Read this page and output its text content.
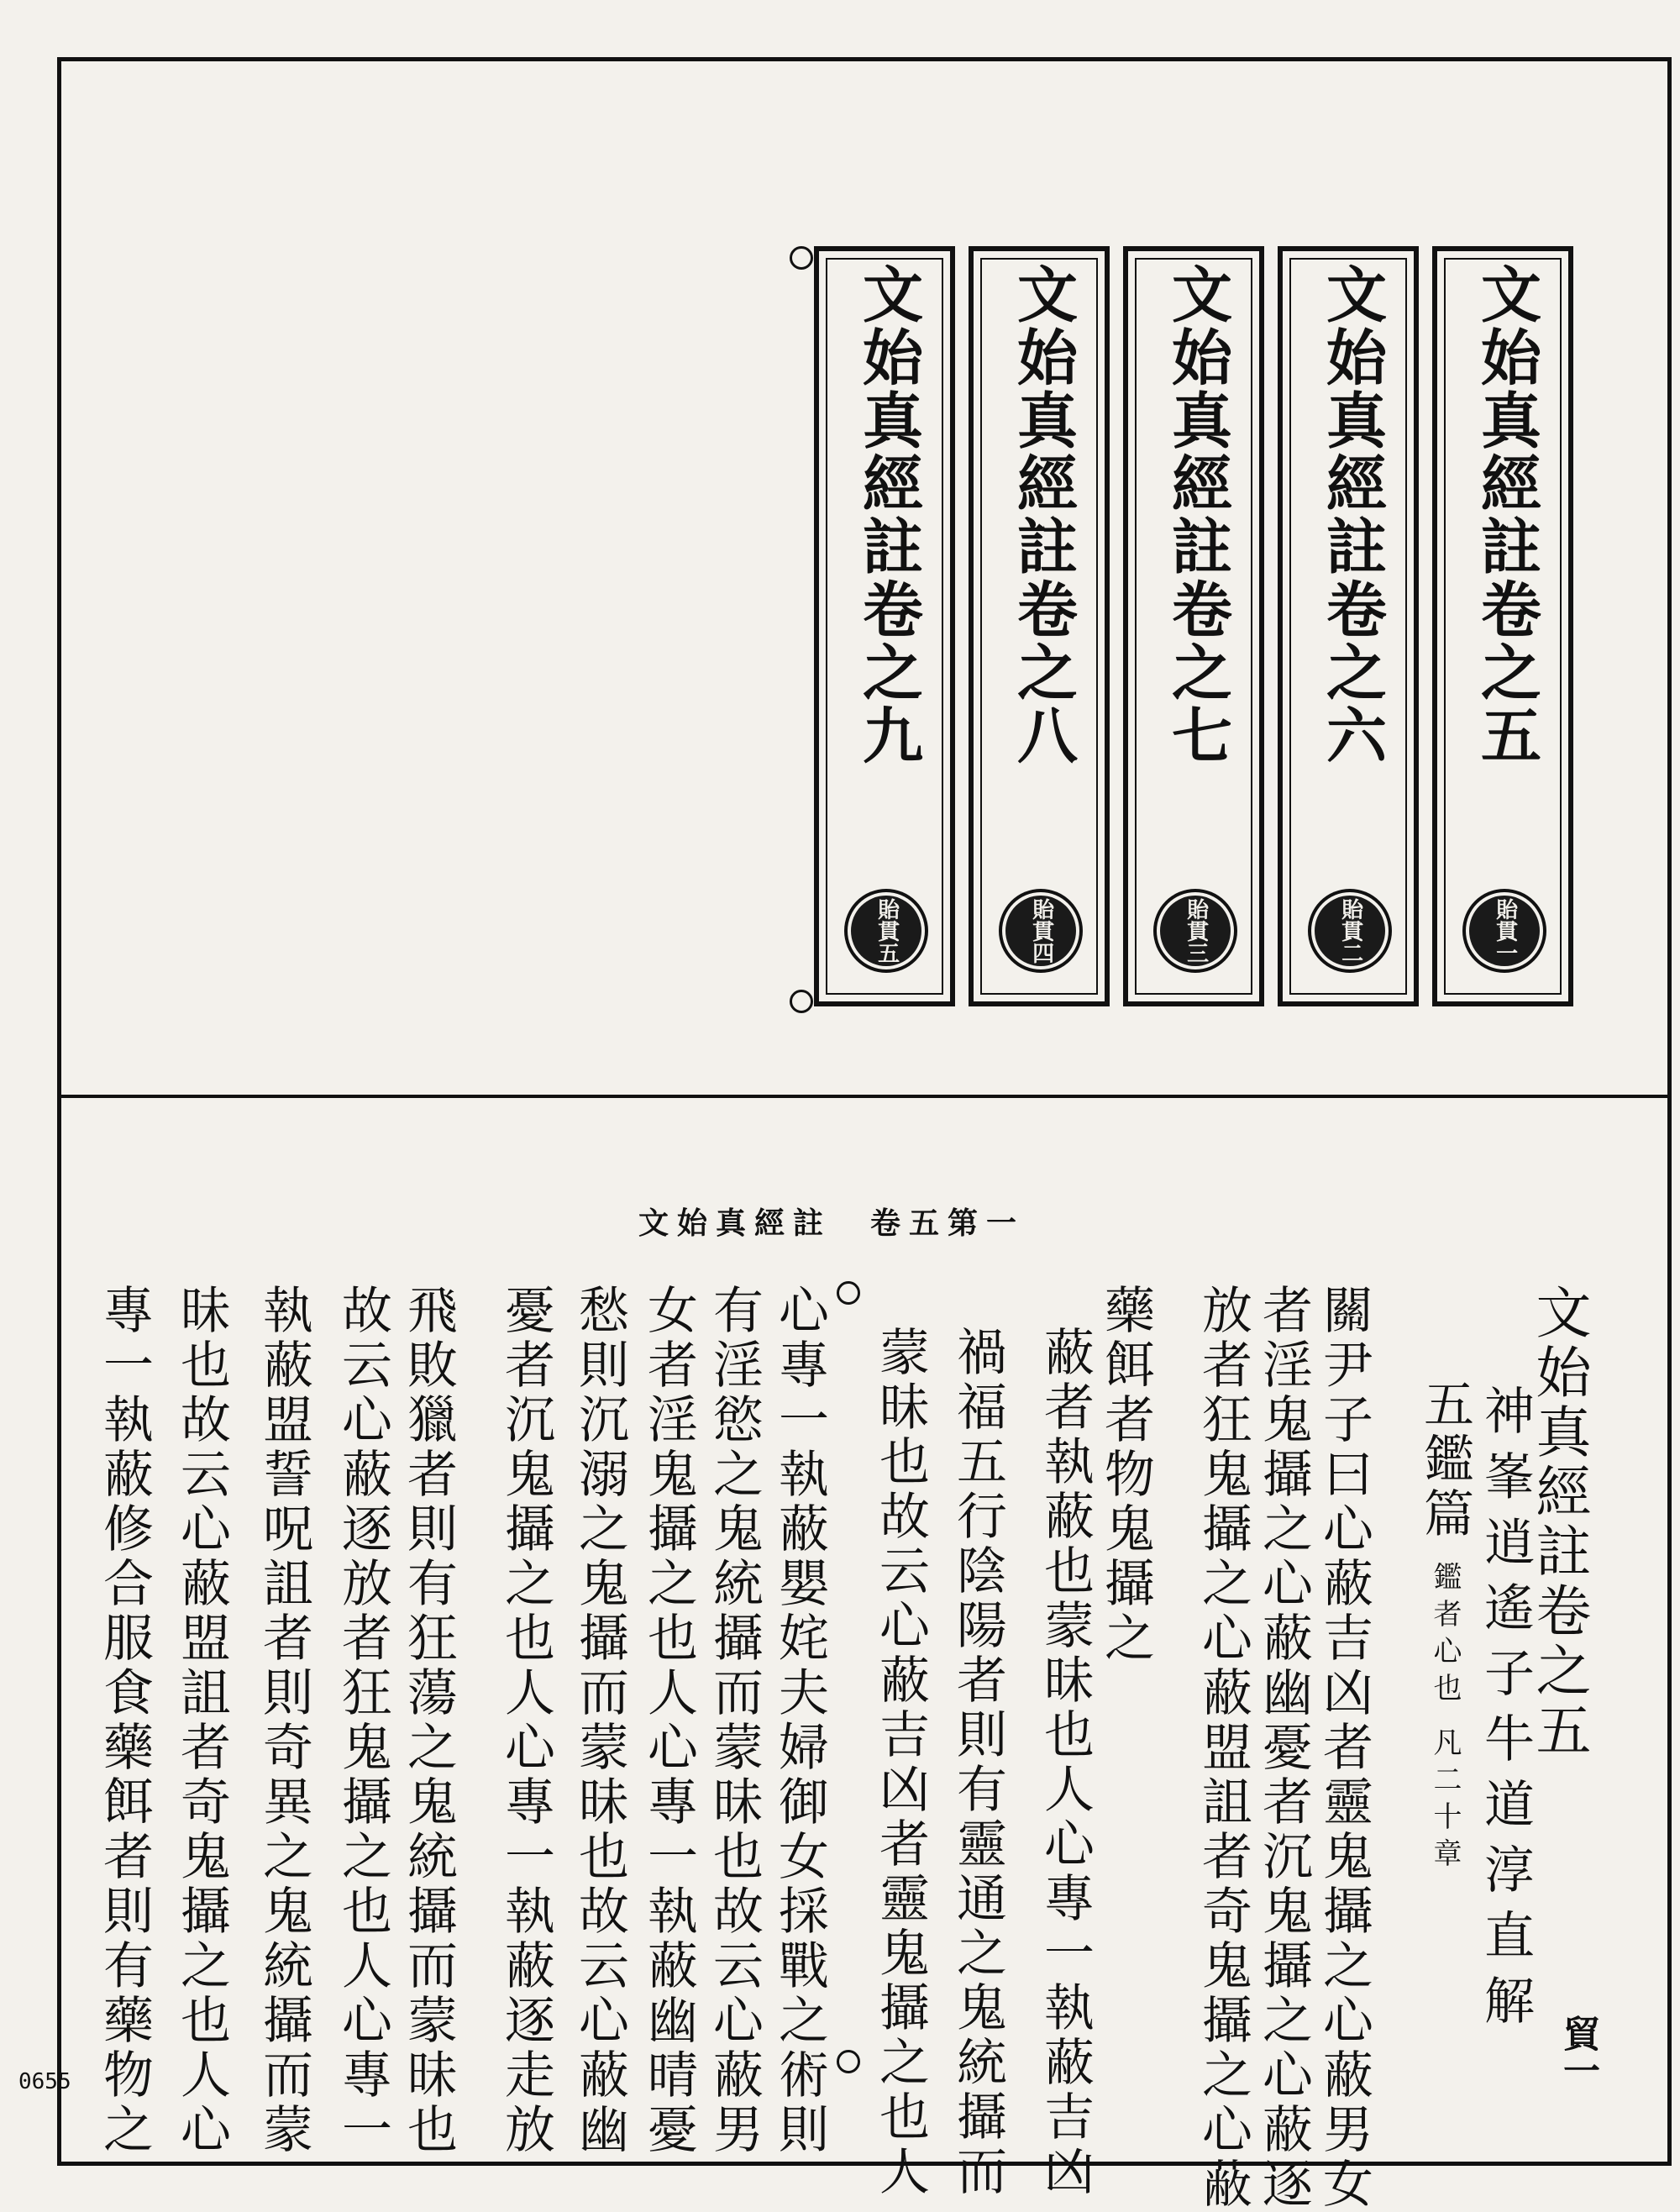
文始真經註卷之五
貽貫一
文始真經註卷之六
貽貫二
文始真經註卷之七
貽貫三
文始真經註卷之八
貽貫四
文始真經註卷之九
貽貫五
文始真經註　卷五第一
貿一
文始真經註卷之五
神峯逍遙子牛道淳直解
五鑑篇 鑑者心也 凡二十章
關尹子曰心蔽吉凶者靈鬼攝之心蔽男女
者淫鬼攝之心蔽幽憂者沉鬼攝之心蔽逐
放者狂鬼攝之心蔽盟詛者奇鬼攝之心蔽
藥餌者物鬼攝之
蔽者執蔽也蒙昧也人心專一執蔽吉凶
禍福五行陰陽者則有靈通之鬼統攝而
蒙昧也故云心蔽吉凶者靈鬼攝之也人
心專一執蔽嬰姹夫婦御女採戰之術則
有淫慾之鬼統攝而蒙昧也故云心蔽男
女者淫鬼攝之也人心專一執蔽幽晴憂
愁則沉溺之鬼攝而蒙昧也故云心蔽幽
憂者沉鬼攝之也人心專一執蔽逐走放
飛敗獵者則有狂蕩之鬼統攝而蒙昧也
故云心蔽逐放者狂鬼攝之也人心專一
執蔽盟誓呪詛者則奇異之鬼統攝而蒙
昧也故云心蔽盟詛者奇鬼攝之也人心
專一執蔽修合服食藥餌者則有藥物之
0655
